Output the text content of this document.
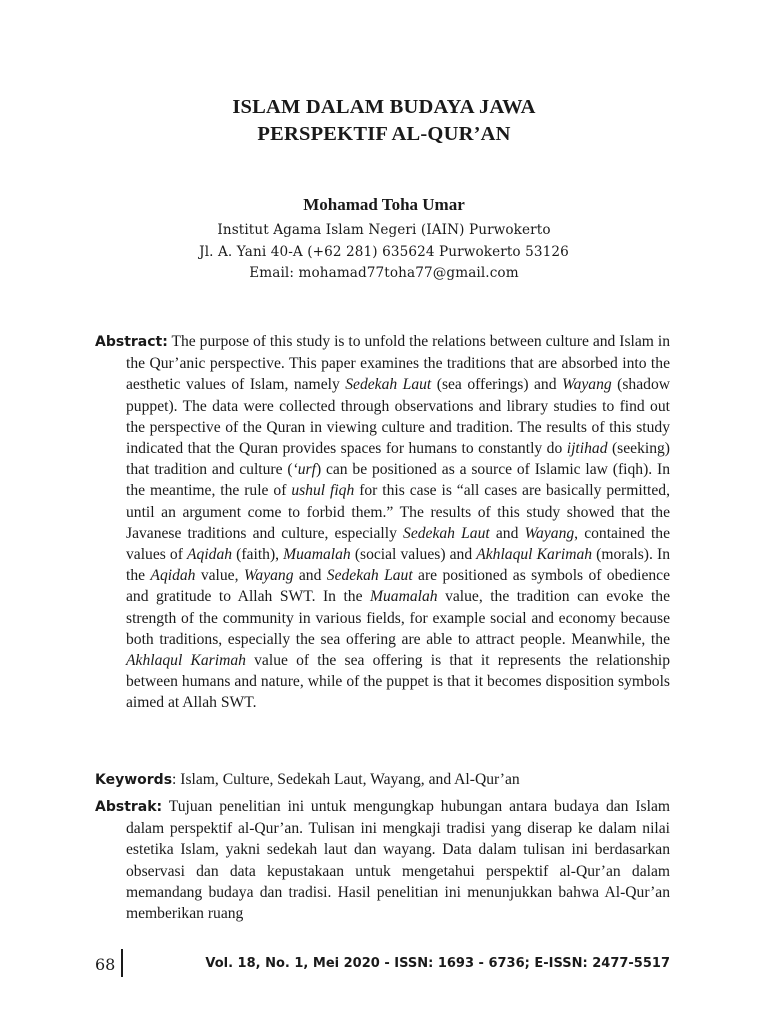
ISLAM DALAM BUDAYA JAWA
PERSPEKTIF AL-QUR’AN
Mohamad Toha Umar
Institut Agama Islam Negeri (IAIN) Purwokerto
Jl. A. Yani 40-A (+62 281) 635624 Purwokerto 53126
Email: mohamad77toha77@gmail.com
Abstract: The purpose of this study is to unfold the relations between culture and Islam in the Qur’anic perspective. This paper examines the traditions that are absorbed into the aesthetic values of Islam, namely Sedekah Laut (sea offerings) and Wayang (shadow puppet). The data were collected through observations and library studies to find out the perspective of the Quran in viewing culture and tradition. The results of this study indicated that the Quran provides spaces for humans to constantly do ijtihad (seeking) that tradition and culture (‘urf) can be positioned as a source of Islamic law (fiqh). In the meantime, the rule of ushul fiqh for this case is “all cases are basically permitted, until an argument come to forbid them.” The results of this study showed that the Javanese traditions and culture, especially Sedekah Laut and Wayang, contained the values of Aqidah (faith), Muamalah (social values) and Akhlaqul Karimah (morals). In the Aqidah value, Wayang and Sedekah Laut are positioned as symbols of obedience and gratitude to Allah SWT. In the Muamalah value, the tradition can evoke the strength of the community in various fields, for example social and economy because both traditions, especially the sea offering are able to attract people. Meanwhile, the Akhlaqul Karimah value of the sea offering is that it represents the relationship between humans and nature, while of the puppet is that it becomes disposition symbols aimed at Allah SWT.
Keywords: Islam, Culture, Sedekah Laut, Wayang, and Al-Qur’an
Abstrak: Tujuan penelitian ini untuk mengungkap hubungan antara budaya dan Islam dalam perspektif al-Qur’an. Tulisan ini mengkaji tradisi yang diserap ke dalam nilai estetika Islam, yakni sedekah laut dan wayang. Data dalam tulisan ini berdasarkan observasi dan data kepustakaan untuk mengetahui perspektif al-Qur’an dalam memandang budaya dan tradisi. Hasil penelitian ini menunjukkan bahwa Al-Qur’an memberikan ruang
68	Vol. 18, No. 1, Mei 2020 - ISSN: 1693 - 6736; E-ISSN: 2477-5517
